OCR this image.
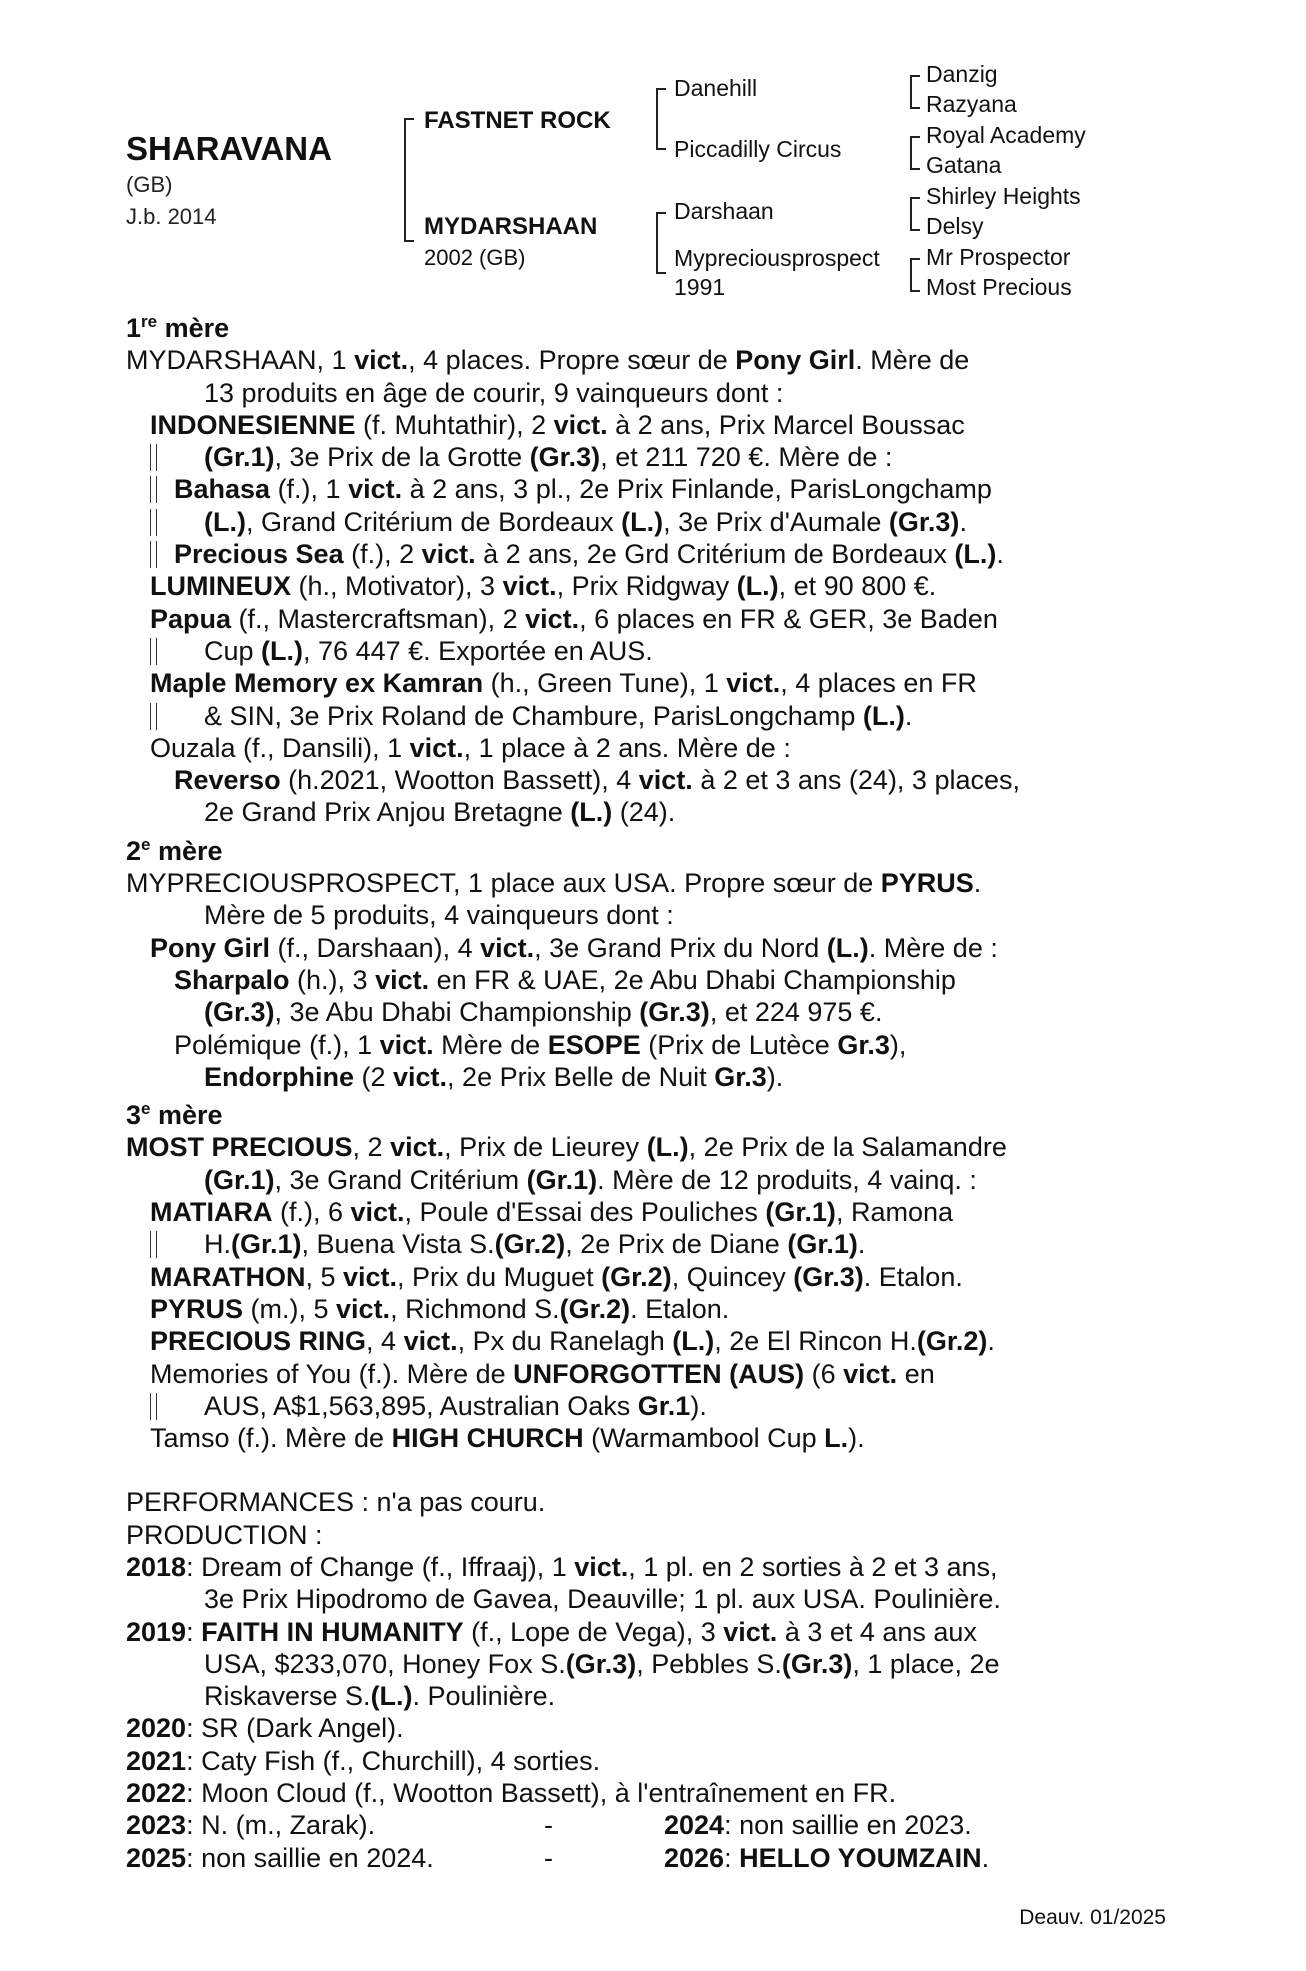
SHARAVANA
(GB)
J.b. 2014
FASTNET ROCK
MYDARSHAAN
2002 (GB)
Danehill
Piccadilly Circus
Darshaan
Mypreciousprospect
1991
Danzig
Razyana
Royal Academy
Gatana
Shirley Heights
Delsy
Mr Prospector
Most Precious
1re mère
MYDARSHAAN, 1 vict., 4 places. Propre sœur de Pony Girl. Mère de
13 produits en âge de courir, 9 vainqueurs dont :
INDONESIENNE (f. Muhtathir), 2 vict. à 2 ans, Prix Marcel Boussac
(Gr.1), 3e Prix de la Grotte (Gr.3), et 211 720 €. Mère de :
Bahasa (f.), 1 vict. à 2 ans, 3 pl., 2e Prix Finlande, ParisLongchamp
(L.), Grand Critérium de Bordeaux (L.), 3e Prix d'Aumale (Gr.3).
Precious Sea (f.), 2 vict. à 2 ans, 2e Grd Critérium de Bordeaux (L.).
LUMINEUX (h., Motivator), 3 vict., Prix Ridgway (L.), et 90 800 €.
Papua (f., Mastercraftsman), 2 vict., 6 places en FR & GER, 3e Baden
Cup (L.), 76 447 €. Exportée en AUS.
Maple Memory ex Kamran (h., Green Tune), 1 vict., 4 places en FR
& SIN, 3e Prix Roland de Chambure, ParisLongchamp (L.).
Ouzala (f., Dansili), 1 vict., 1 place à 2 ans. Mère de :
Reverso (h.2021, Wootton Bassett), 4 vict. à 2 et 3 ans (24), 3 places,
2e Grand Prix Anjou Bretagne (L.) (24).
2e mère
MYPRECIOUSPROSPECT, 1 place aux USA. Propre sœur de PYRUS.
Mère de 5 produits, 4 vainqueurs dont :
Pony Girl (f., Darshaan), 4 vict., 3e Grand Prix du Nord (L.). Mère de :
Sharpalo (h.), 3 vict. en FR & UAE, 2e Abu Dhabi Championship
(Gr.3), 3e Abu Dhabi Championship (Gr.3), et 224 975 €.
Polémique (f.), 1 vict. Mère de ESOPE (Prix de Lutèce Gr.3),
Endorphine (2 vict., 2e Prix Belle de Nuit Gr.3).
3e mère
MOST PRECIOUS, 2 vict., Prix de Lieurey (L.), 2e Prix de la Salamandre
(Gr.1), 3e Grand Critérium (Gr.1). Mère de 12 produits, 4 vainq. :
MATIARA (f.), 6 vict., Poule d'Essai des Pouliches (Gr.1), Ramona
H.(Gr.1), Buena Vista S.(Gr.2), 2e Prix de Diane (Gr.1).
MARATHON, 5 vict., Prix du Muguet (Gr.2), Quincey (Gr.3). Etalon.
PYRUS (m.), 5 vict., Richmond S.(Gr.2). Etalon.
PRECIOUS RING, 4 vict., Px du Ranelagh (L.), 2e El Rincon H.(Gr.2).
Memories of You (f.). Mère de UNFORGOTTEN (AUS) (6 vict. en
AUS, A$1,563,895, Australian Oaks Gr.1).
Tamso (f.). Mère de HIGH CHURCH (Warmambool Cup L.).
PERFORMANCES : n'a pas couru.
PRODUCTION :
2018: Dream of Change (f., Iffraaj), 1 vict., 1 pl. en 2 sorties à 2 et 3 ans,
3e Prix Hipodromo de Gavea, Deauville; 1 pl. aux USA. Poulinière.
2019: FAITH IN HUMANITY (f., Lope de Vega), 3 vict. à 3 et 4 ans aux
USA, $233,070, Honey Fox S.(Gr.3), Pebbles S.(Gr.3), 1 place, 2e
Riskaverse S.(L.). Poulinière.
2020: SR (Dark Angel).
2021: Caty Fish (f., Churchill), 4 sorties.
2022: Moon Cloud (f., Wootton Bassett), à l'entraînement en FR.
2023: N. (m., Zarak).	-	2024: non saillie en 2023.
2025: non saillie en 2024.	-	2026: HELLO YOUMZAIN.
Deauv. 01/2025
